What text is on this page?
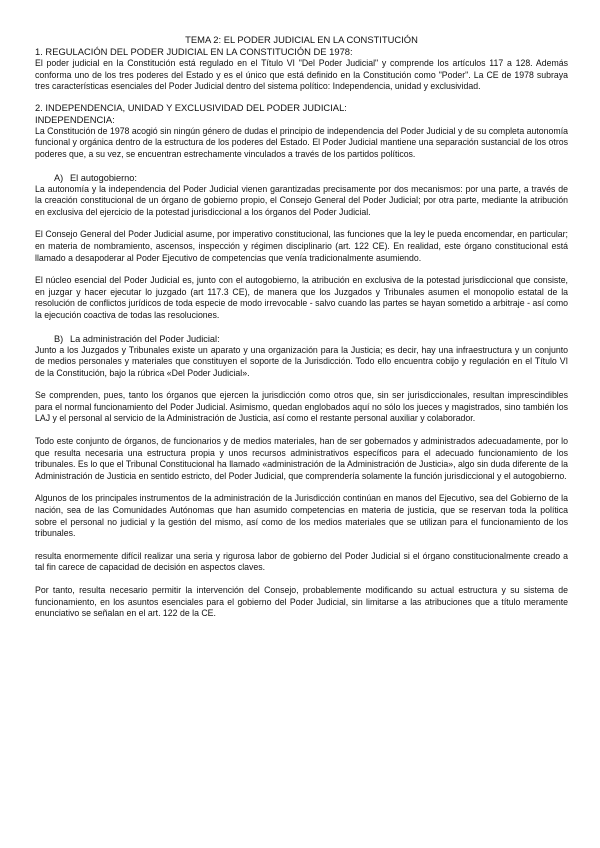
TEMA 2: EL PODER JUDICIAL EN LA CONSTITUCIÓN
1. REGULACIÓN DEL PODER JUDICIAL EN LA CONSTITUCIÓN DE 1978:

El poder judicial en la Constitución está regulado en el Título VI "Del Poder Judicial" y comprende los artículos 117 a 128. Además conforma uno de los tres poderes del Estado y es el único que está definido en la Constitución como "Poder". La CE de 1978 subraya tres características esenciales del Poder Judicial dentro del sistema político: Independencia, unidad y exclusividad.

2. INDEPENDENCIA, UNIDAD Y EXCLUSIVIDAD DEL PODER JUDICIAL:
INDEPENDENCIA:

La Constitución de 1978 acogió sin ningún género de dudas el principio de independencia del Poder Judicial y de su completa autonomía funcional y orgánica dentro de la estructura de los poderes del Estado. El Poder Judicial mantiene una separación sustancial de los otros poderes que, a su vez, se encuentran estrechamente vinculados a través de los partidos políticos.

A) El autogobierno:

La autonomía y la independencia del Poder Judicial vienen garantizadas precisamente por dos mecanismos: por una parte, a través de la creación constitucional de un órgano de gobierno propio, el Consejo General del Poder Judicial; por otra parte, mediante la atribución en exclusiva del ejercicio de la potestad jurisdiccional a los órganos del Poder Judicial.

El Consejo General del Poder Judicial asume, por imperativo constitucional, las funciones que la ley le pueda encomendar, en particular; en materia de nombramiento, ascensos, inspección y régimen disciplinario (art. 122 CE). En realidad, este órgano constitucional está llamado a desapoderar al Poder Ejecutivo de competencias que venía tradicionalmente asumiendo.

El núcleo esencial del Poder Judicial es, junto con el autogobierno, la atribución en exclusiva de la potestad jurisdiccional que consiste, en juzgar y hacer ejecutar lo juzgado (art 117.3 CE), de manera que los Juzgados y Tribunales asumen el monopolio estatal de la resolución de conflictos jurídicos de toda especie de modo irrevocable - salvo cuando las partes se hayan sometido a arbitraje - así como la ejecución coactiva de todas las resoluciones.

B) La administración del Poder Judicial:

Junto a los Juzgados y Tribunales existe un aparato y una organización para la Justicia; es decir, hay una infraestructura y un conjunto de medios personales y materiales que constituyen el soporte de la Jurisdicción. Todo ello encuentra cobijo y regulación en el Título VI de la Constitución, bajo la rúbrica «Del Poder Judicial».

Se comprenden, pues, tanto los órganos que ejercen la jurisdicción como otros que, sin ser jurisdiccionales, resultan imprescindibles para el normal funcionamiento del Poder Judicial. Asimismo, quedan englobados aquí no sólo los jueces y magistrados, sino también los LAJ y el personal al servicio de la Administración de Justicia, así como el restante personal auxiliar y colaborador.

Todo este conjunto de órganos, de funcionarios y de medios materiales, han de ser gobernados y administrados adecuadamente, por lo que resulta necesaria una estructura propia y unos recursos administrativos específicos para el adecuado funcionamiento de los tribunales. Es lo que el Tribunal Constitucional ha llamado «administración de la Administración de Justicia», algo sin duda diferente de la Administración de Justicia en sentido estricto, del Poder Judicial, que comprendería solamente la función jurisdiccional y el autogobierno.

Algunos de los principales instrumentos de la administración de la Jurisdicción continúan en manos del Ejecutivo, sea del Gobierno de la nación, sea de las Comunidades Autónomas que han asumido competencias en materia de justicia, que se reservan toda la política sobre el personal no judicial y la gestión del mismo, así como de los medios materiales que se utilizan para el funcionamiento de los tribunales.

resulta enormemente difícil realizar una seria y rigurosa labor de gobierno del Poder Judicial si el órgano constitucionalmente creado a tal fin carece de capacidad de decisión en aspectos claves.

Por tanto, resulta necesario permitir la intervención del Consejo, probablemente modificando su actual estructura y su sistema de funcionamiento, en los asuntos esenciales para el gobierno del Poder Judicial, sin limitarse a las atribuciones que a título meramente enunciativo se señalan en el art. 122 de la CE.
